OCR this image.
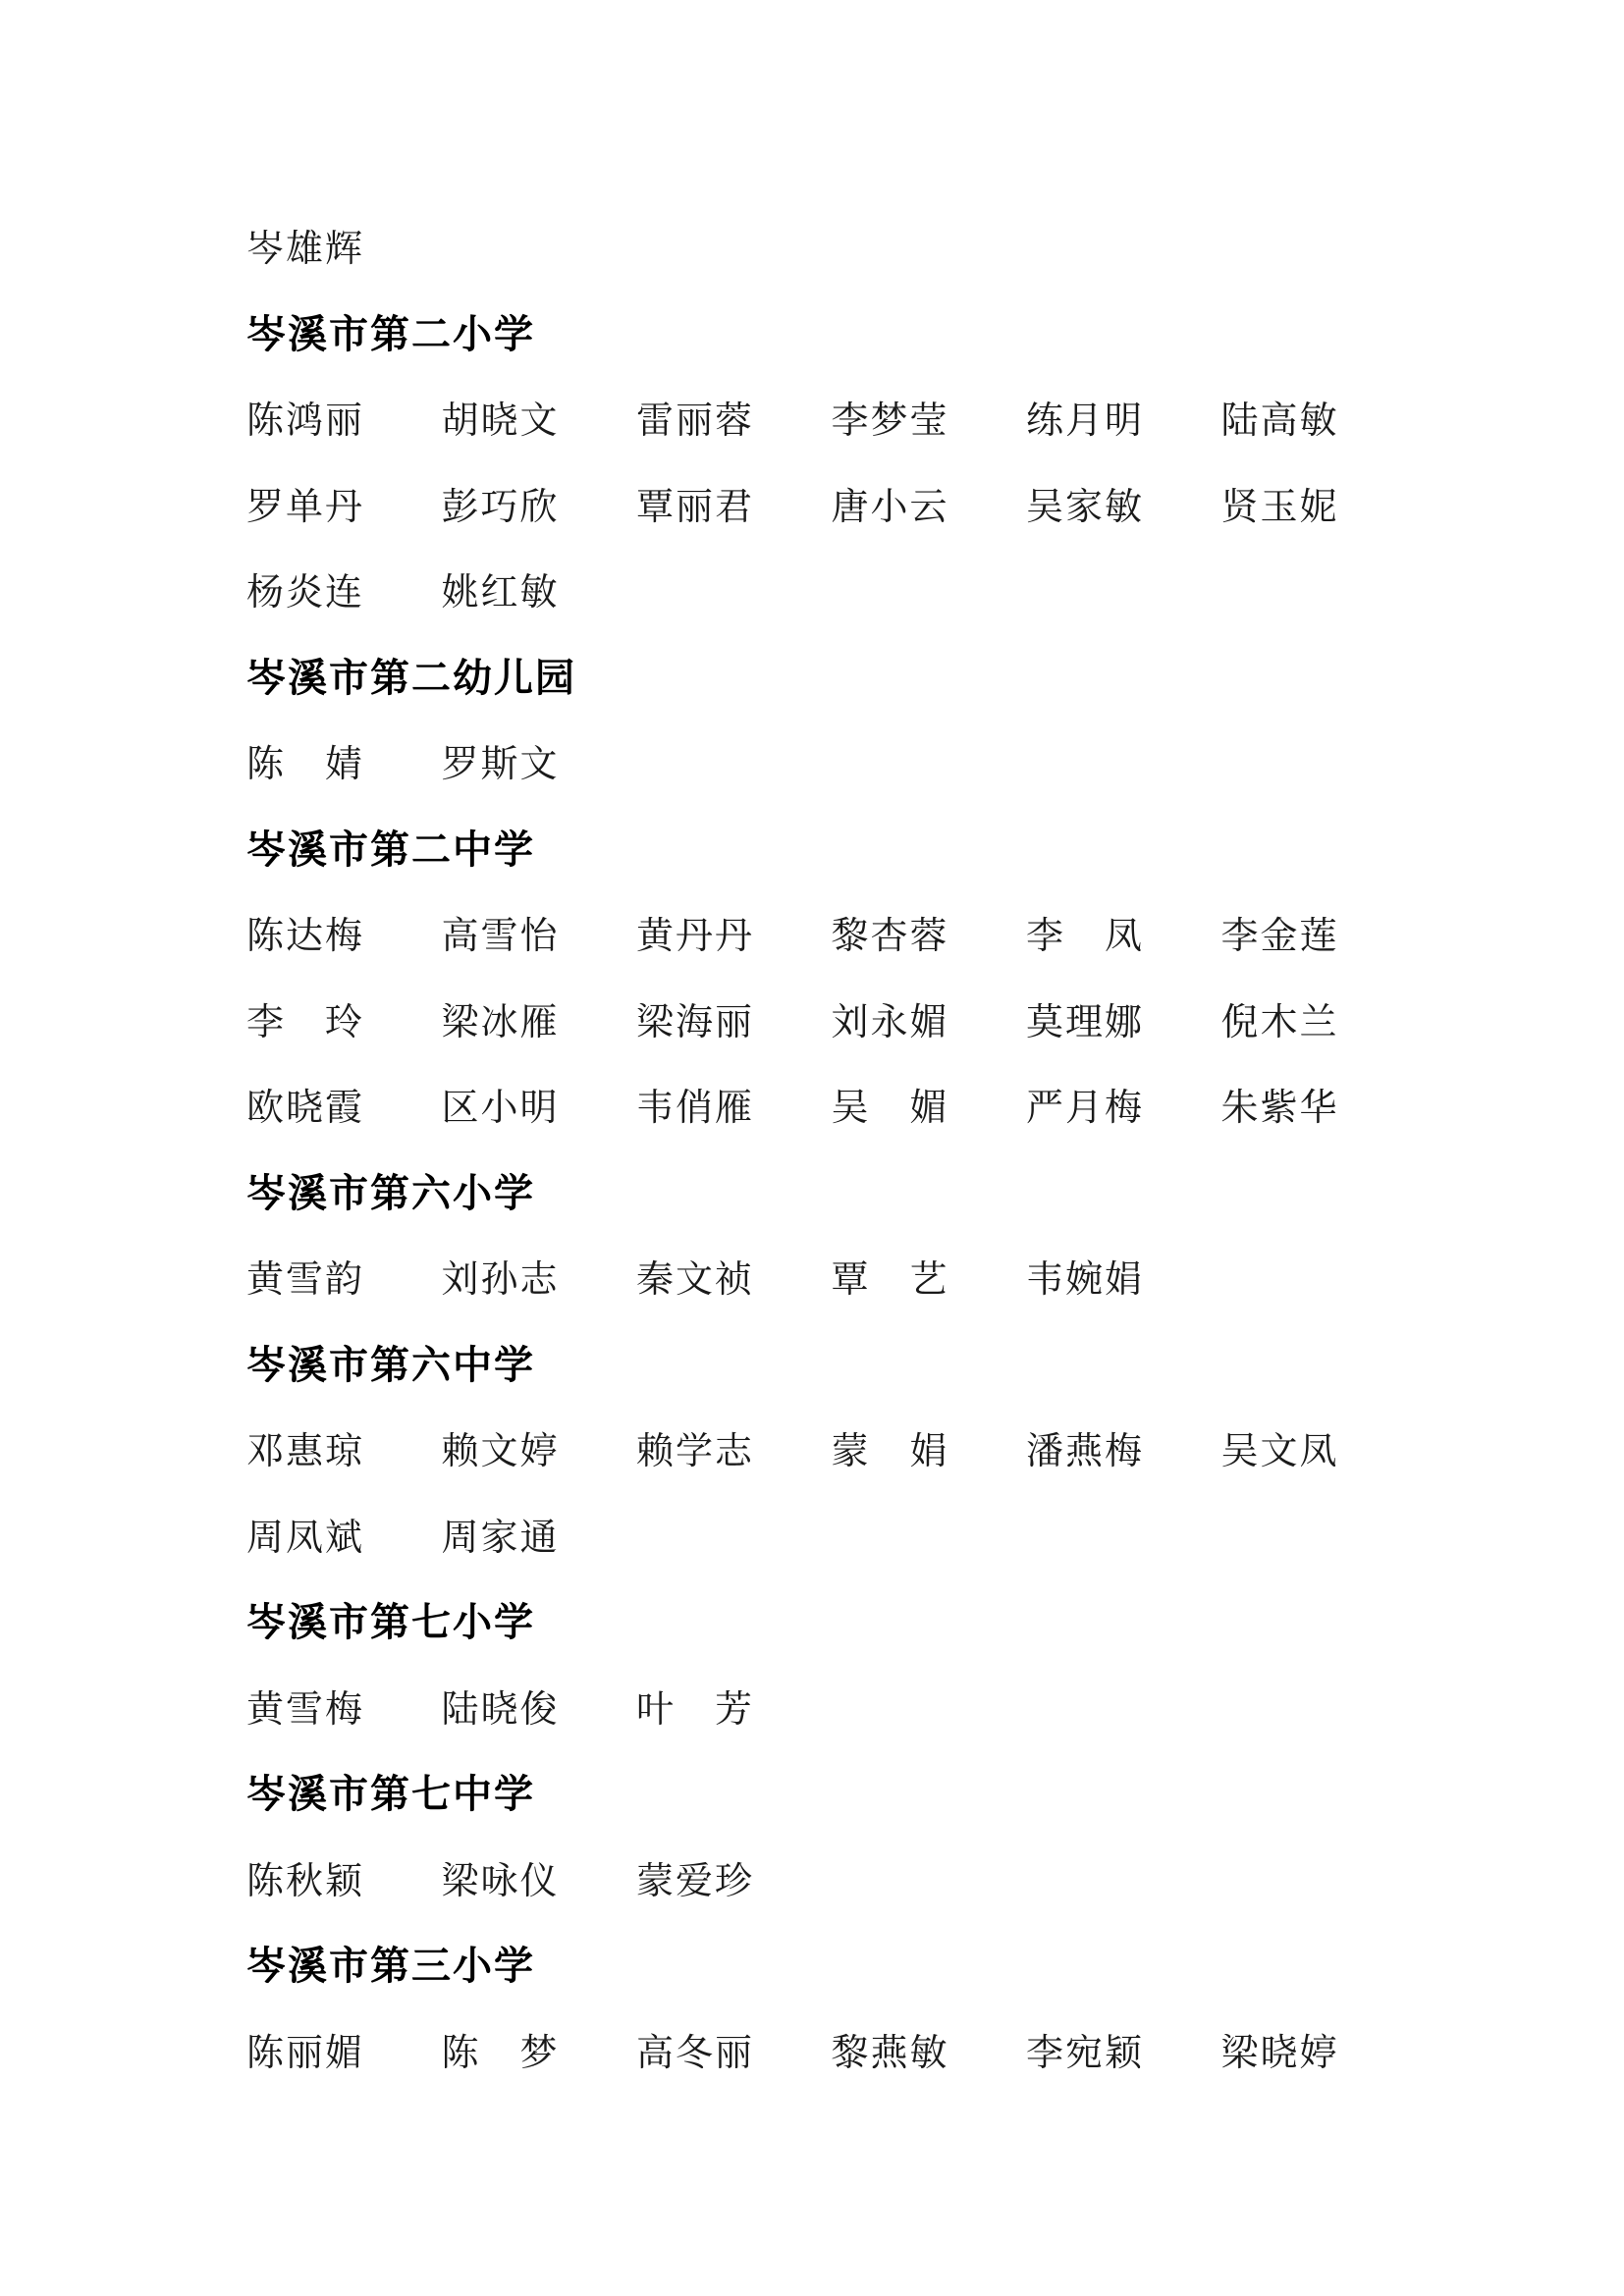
岑雄辉
岑溪市第二小学
陈鸿丽	胡晓文	雷丽蓉	李梦莹	练月明	陆高敏
罗单丹	彭巧欣	覃丽君	唐小云	吴家敏	贤玉妮
杨炎连	姚红敏
岑溪市第二幼儿园
陈　婧	罗斯文
岑溪市第二中学
陈达梅	高雪怡	黄丹丹	黎杏蓉	李　凤	李金莲
李　玲	梁冰雁	梁海丽	刘永媚	莫理娜	倪木兰
欧晓霞	区小明	韦俏雁	吴　媚	严月梅	朱紫华
岑溪市第六小学
黄雪韵	刘孙志	秦文祯	覃　艺	韦婉娟
岑溪市第六中学
邓惠琼	赖文婷	赖学志	蒙　娟	潘燕梅	吴文凤
周凤斌	周家通
岑溪市第七小学
黄雪梅	陆晓俊	叶　芳
岑溪市第七中学
陈秋颖	梁咏仪	蒙爱珍
岑溪市第三小学
陈丽媚	陈　梦	高冬丽	黎燕敏	李宛颖	梁晓婷
